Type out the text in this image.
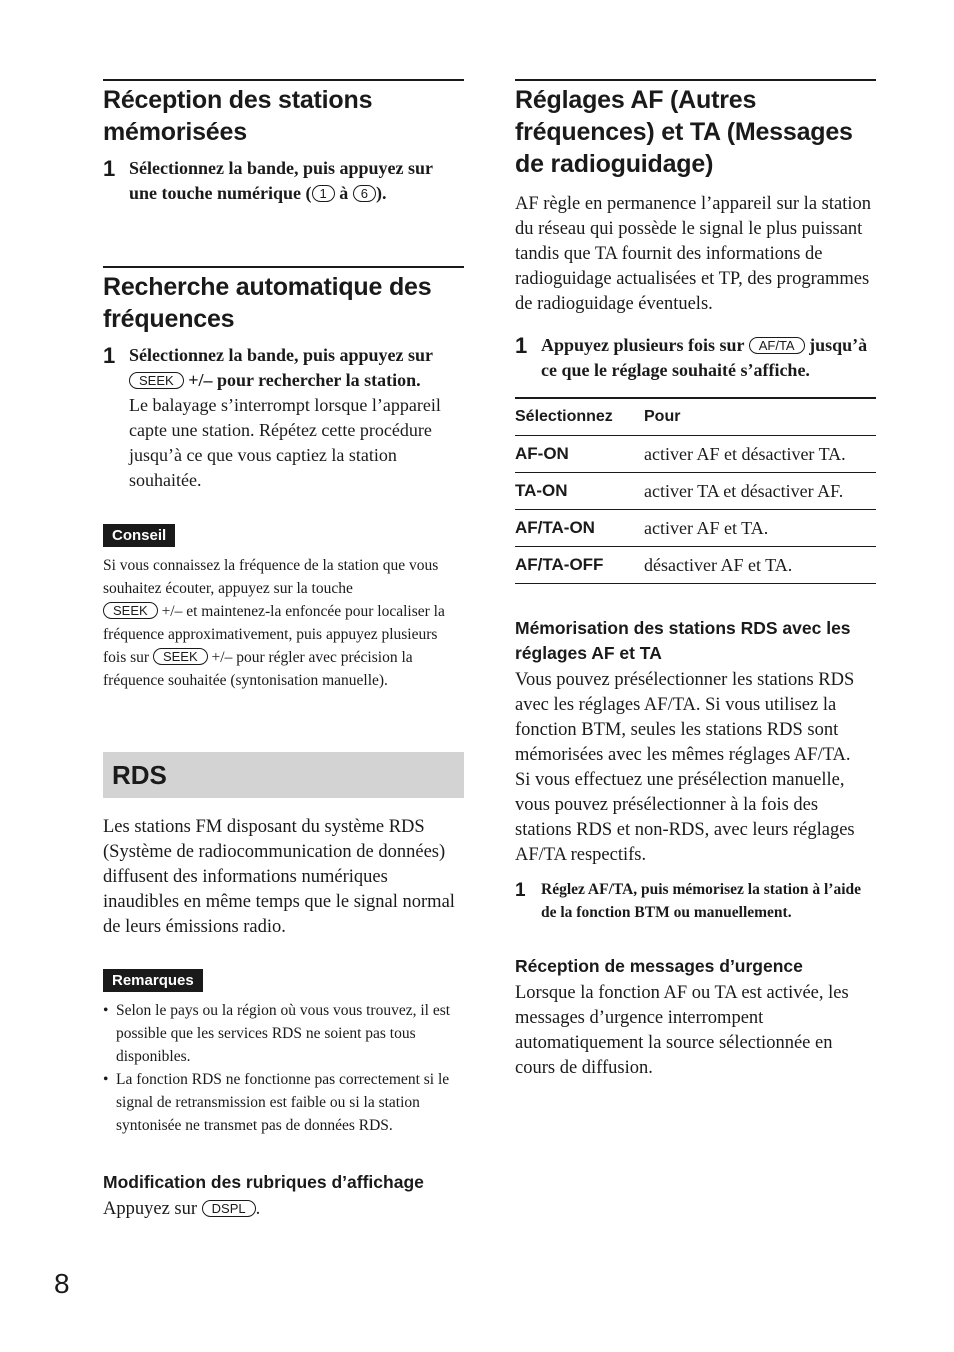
Réception des stations mémorisées
1 Sélectionnez la bande, puis appuyez sur une touche numérique ( 1 à 6 ).
Recherche automatique des fréquences
1 Sélectionnez la bande, puis appuyez sur
SEEK +/– pour rechercher la station.
Le balayage s’interrompt lorsque l’appareil capte une station. Répétez cette procédure jusqu’à ce que vous captiez la station souhaitée.
Conseil

Si vous connaissez la fréquence de la station que vous souhaitez écouter, appuyez sur la touche
SEEK +/– et maintenez-la enfoncée pour localiser la fréquence approximativement, puis appuyez plusieurs fois sur SEEK +/– pour régler avec précision la fréquence souhaitée (syntonisation manuelle).

RDS

Les stations FM disposant du système RDS (Système de radiocommunication de données) diffusent des informations numériques inaudibles en même temps que le signal normal de leurs émissions radio.

Remarques
• Selon le pays ou la région où vous vous trouvez, il est possible que les services RDS ne soient pas tous disponibles.
• La fonction RDS ne fonctionne pas correctement si le signal de retransmission est faible ou si la station syntonisée ne transmet pas de données RDS.
Modification des rubriques d’affichage

Appuyez sur DSPL .

Réglages AF (Autres fréquences) et TA (Messages de radioguidage)

AF règle en permanence l’appareil sur la station du réseau qui possède le signal le plus puissant tandis que TA fournit des informations de radioguidage actualisées et TP, des programmes de radioguidage éventuels.

1 Appuyez plusieurs fois sur AF/TA jusqu’à ce que le réglage souhaité s’affiche.
Sélectionnez	Pour
AF-ON	activer AF et désactiver TA.
TA-ON	activer TA et désactiver AF.
AF/TA-ON	activer AF et TA.
AF/TA-OFF	désactiver AF et TA.
Mémorisation des stations RDS avec les réglages AF et TA

Vous pouvez présélectionner les stations RDS avec les réglages AF/TA. Si vous utilisez la fonction BTM, seules les stations RDS sont mémorisées avec les mêmes réglages AF/TA.

Si vous effectuez une présélection manuelle, vous pouvez présélectionner à la fois des stations RDS et non-RDS, avec leurs réglages AF/TA respectifs.

1 Réglez AF/TA, puis mémorisez la station à l’aide de la fonction BTM ou manuellement.
Réception de messages d’urgence

Lorsque la fonction AF ou TA est activée, les messages d’urgence interrompent automatiquement la source sélectionnée en cours de diffusion.

8
